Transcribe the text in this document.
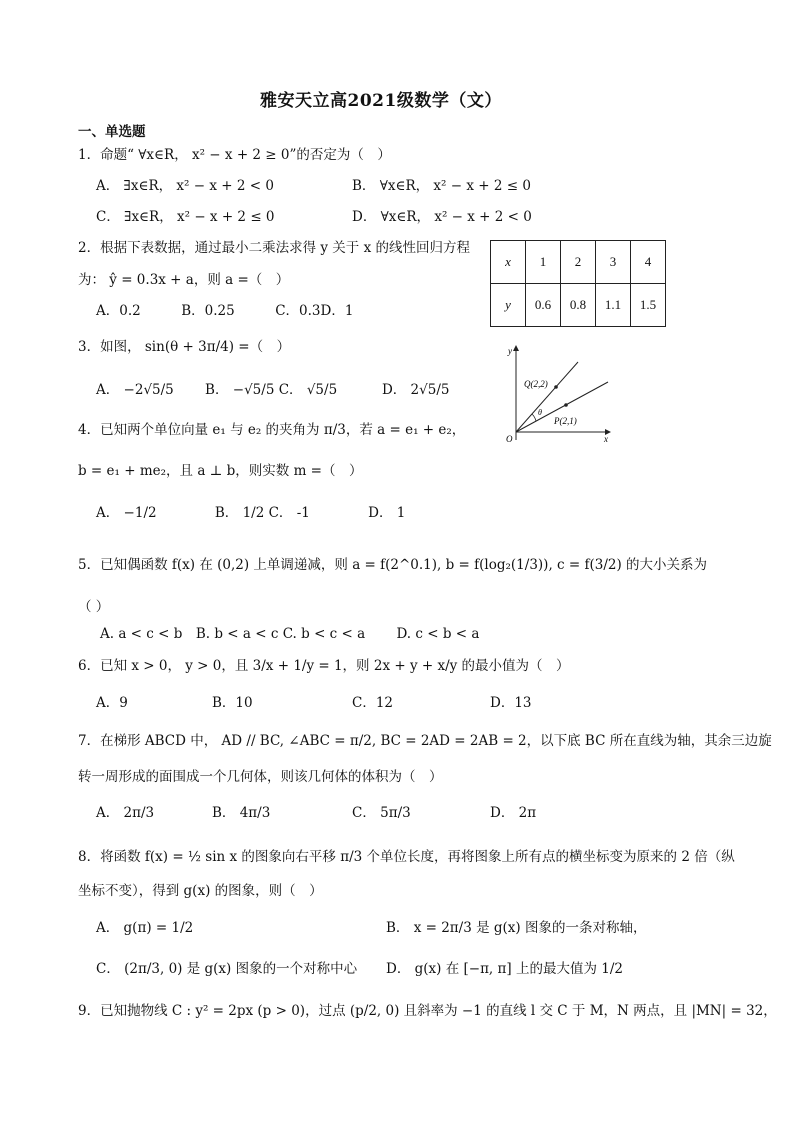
雅安天立高2021级数学（文）
一、单选题
1．命题“ ∀x∈R， x² − x + 2 ≥ 0”的否定为（　）
A． ∃x∈R， x² − x + 2 < 0	B． ∀x∈R， x² − x + 2 ≤ 0
C． ∃x∈R， x² − x + 2 ≤ 0	D． ∀x∈R， x² − x + 2 < 0
2．根据下表数据，通过最小二乘法求得 y 关于 x 的线性回归方程
为： ŷ = 0.3x + a，则 a =（　）
A．0.2　　　B．0.25　　　C．0.3D．1
x	1	2	3	4
y	0.6	0.8	1.1	1.5
3．如图， sin(θ + 3π/4) =（　）
A． −2√5/5　　 B． −√5/5 C． √5/5　　　 D． 2√5/5
y
x
O
Q(2,2)
P(2,1)
θ
4．已知两个单位向量 e₁ 与 e₂ 的夹角为 π/3，若 a = e₁ + e₂，
b = e₁ + me₂，且 a ⊥ b，则实数 m =（　）
A． −1/2　　　　 B． 1/2 C． -1　　　　 D． 1
5．已知偶函数 f(x) 在 (0,2) 上单调递减，则 a = f(2^0.1), b = f(log₂(1/3)), c = f(3/2) 的大小关系为
（ ）
A. a < c < b　B. b < a < c C. b < c < a　　 D. c < b < a
6．已知 x > 0， y > 0，且 3/x + 1/y = 1，则 2x + y + x/y 的最小值为（　）
A．9	B．10	C．12	D．13
7．在梯形 ABCD 中， AD // BC, ∠ABC = π/2, BC = 2AD = 2AB = 2，以下底 BC 所在直线为轴，其余三边旋
转一周形成的面围成一个几何体，则该几何体的体积为（　）
A． 2π/3	B． 4π/3	C． 5π/3	D． 2π
8．将函数 f(x) = ½ sin x 的图象向右平移 π/3 个单位长度，再将图象上所有点的横坐标变为原来的 2 倍（纵
坐标不变），得到 g(x) 的图象，则（　）
A． g(π) = 1/2	B． x = 2π/3 是 g(x) 图象的一条对称轴，
C． (2π/3, 0) 是 g(x) 图象的一个对称中心 D． g(x) 在 [−π, π] 上的最大值为 1/2
9．已知抛物线 C : y² = 2px (p > 0)，过点 (p/2, 0) 且斜率为 −1 的直线 l 交 C 于 M，N 两点，且 |MN| = 32，
